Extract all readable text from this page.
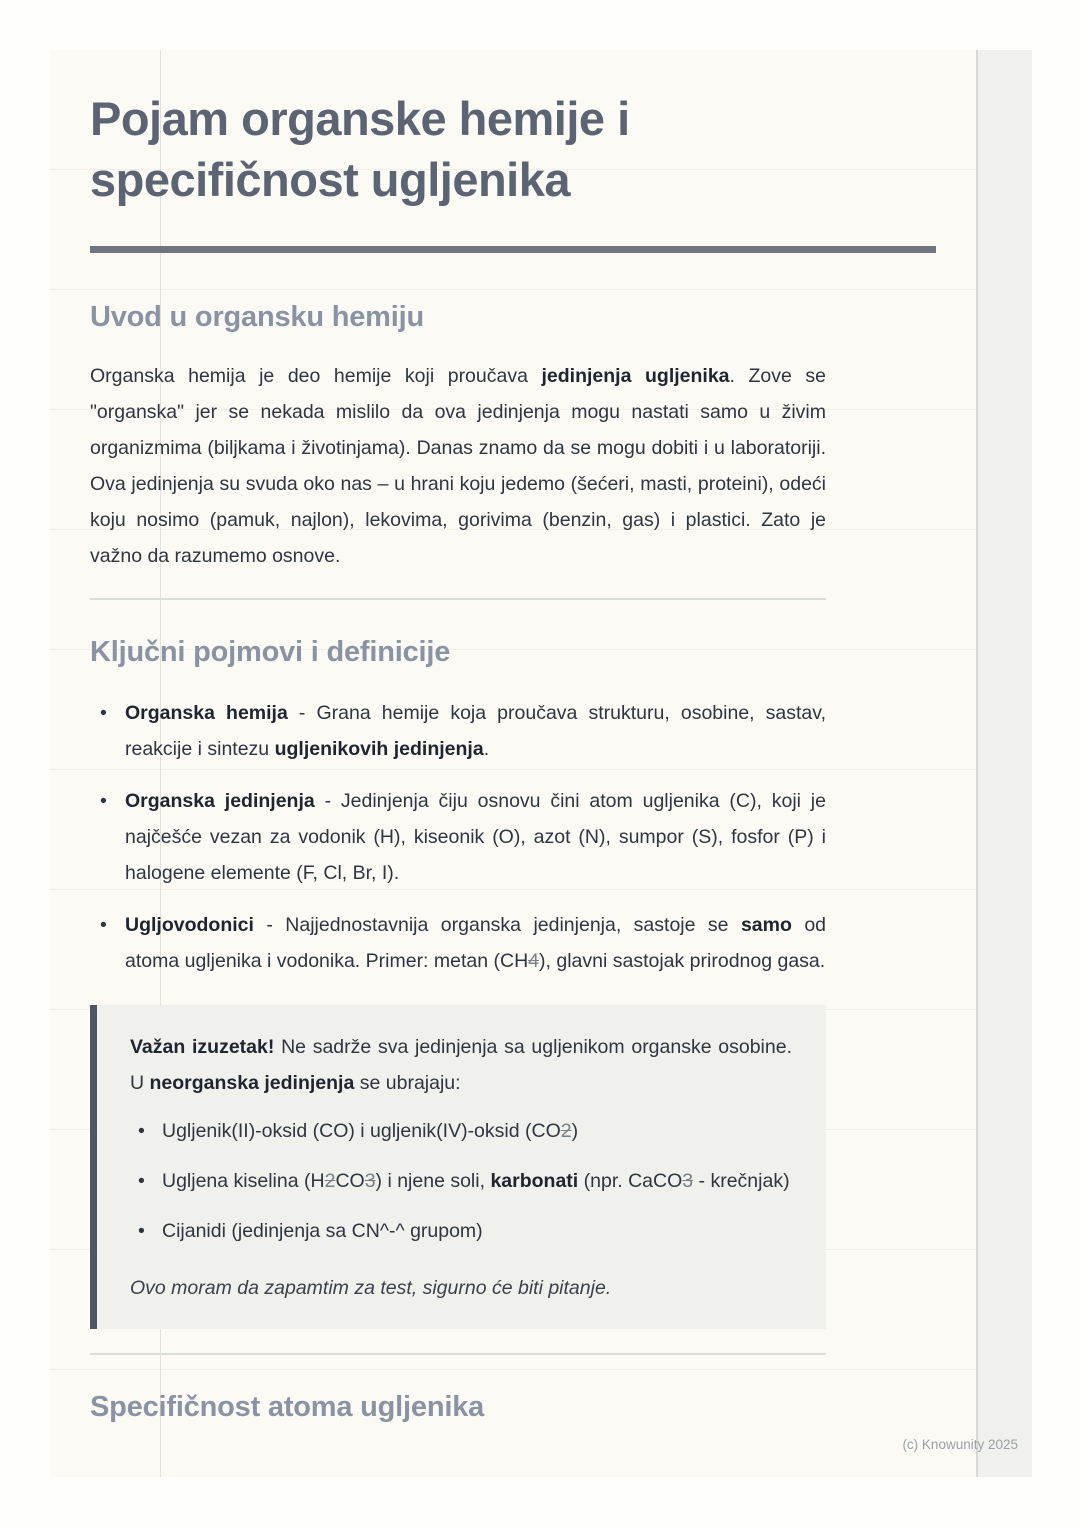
Pojam organske hemije i specifičnost ugljenika
Uvod u organsku hemiju

Organska hemija je deo hemije koji proučava jedinjenja ugljenika. Zove se "organska" jer se nekada mislilo da ova jedinjenja mogu nastati samo u živim organizmima (biljkama i životinjama). Danas znamo da se mogu dobiti i u laboratoriji. Ova jedinjenja su svuda oko nas – u hrani koju jedemo (šećeri, masti, proteini), odeći koju nosimo (pamuk, najlon), lekovima, gorivima (benzin, gas) i plastici. Zato je važno da razumemo osnove.

Ključni pojmovi i definicije
• Organska hemija - Grana hemije koja proučava strukturu, osobine, sastav, reakcije i sintezu ugljenikovih jedinjenja.
• Organska jedinjenja - Jedinjenja čiju osnovu čini atom ugljenika (C), koji je najčešće vezan za vodonik (H), kiseonik (O), azot (N), sumpor (S), fosfor (P) i halogene elemente (F, Cl, Br, I).
• Ugljovodonici - Najjednostavnija organska jedinjenja, sastoje se samo od atoma ugljenika i vodonika. Primer: metan (CH4), glavni sastojak prirodnog gasa.

Važan izuzetak! Ne sadrže sva jedinjenja sa ugljenikom organske osobine. U neorganska jedinjenja se ubrajaju:

• Ugljenik(II)-oksid (CO) i ugljenik(IV)-oksid (CO2)
• Ugljena kiselina (H2CO3) i njene soli, karbonati (npr. CaCO3 - krečnjak)
• Cijanidi (jedinjenja sa CN^-^ grupom)

Ovo moram da zapamtim za test, sigurno će biti pitanje.

Specifičnost atoma ugljenika
(c) Knowunity 2025
